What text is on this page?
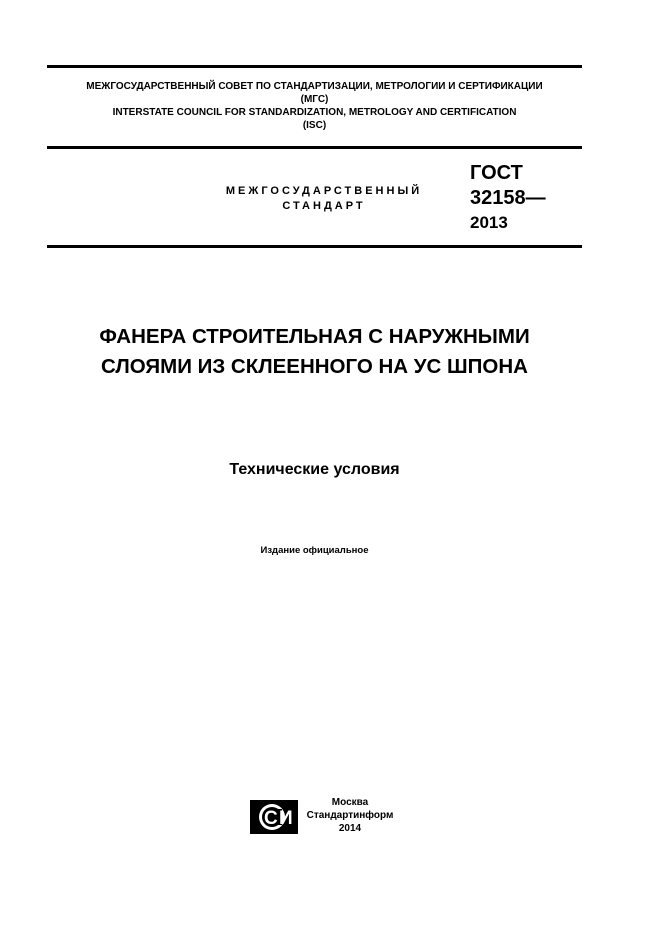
МЕЖГОСУДАРСТВЕННЫЙ СОВЕТ ПО СТАНДАРТИЗАЦИИ, МЕТРОЛОГИИ И СЕРТИФИКАЦИИ
(МГС)
INTERSTATE COUNCIL FOR STANDARDIZATION, METROLOGY AND CERTIFICATION
(ISC)
МЕЖГОСУДАРСТВЕННЫЙ
СТАНДАРТ
ГОСТ
32158—
2013
ФАНЕРА СТРОИТЕЛЬНАЯ С НАРУЖНЫМИ
СЛОЯМИ ИЗ СКЛЕЕННОГО НА УС ШПОНА
Технические условия
Издание официальное
С И
Москва
Стандартинформ
2014
